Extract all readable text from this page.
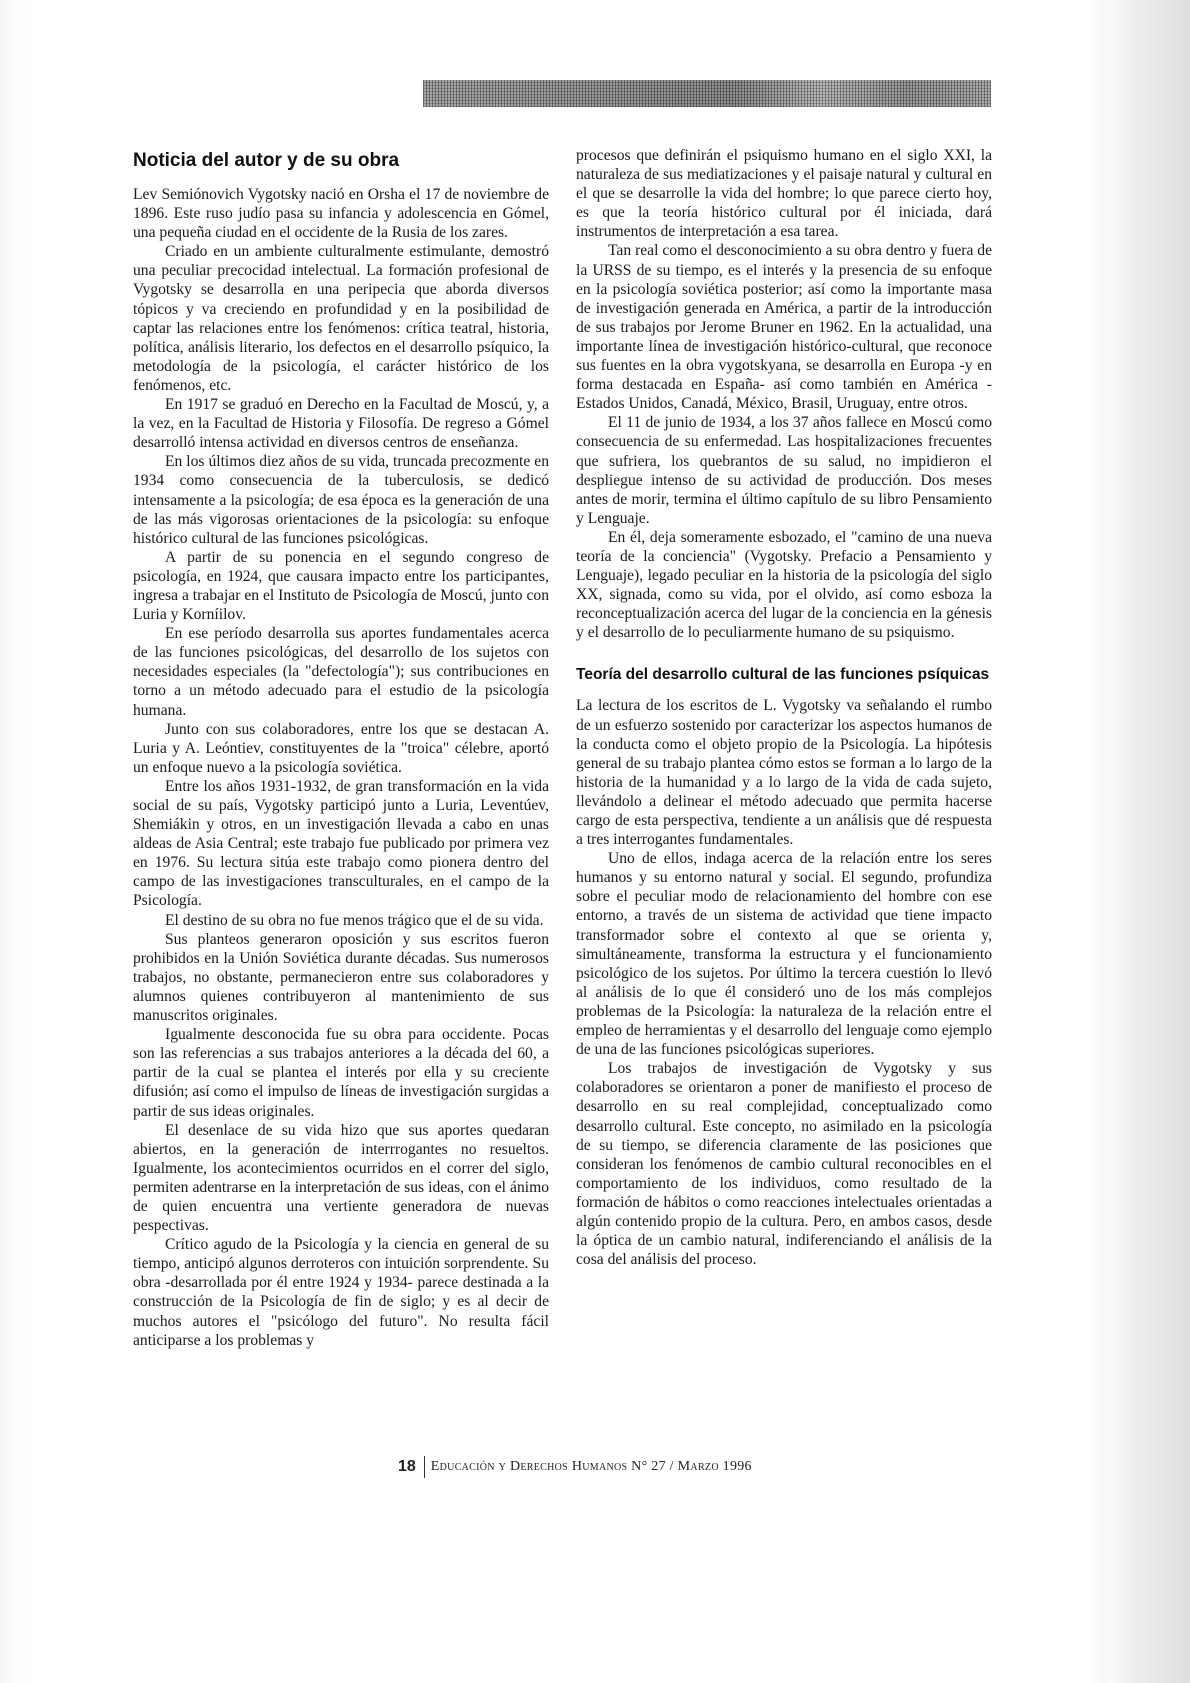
Noticia del autor y de su obra

Lev Semiónovich Vygotsky nació en Orsha el 17 de noviembre de 1896. Este ruso judío pasa su infancia y adolescencia en Gómel, una pequeña ciudad en el occidente de la Rusia de los zares.

Criado en un ambiente culturalmente estimulante, demostró una peculiar precocidad intelectual. La formación profesional de Vygotsky se desarrolla en una peripecia que aborda diversos tópicos y va creciendo en profundidad y en la posibilidad de captar las relaciones entre los fenómenos: crítica teatral, historia, política, análisis literario, los defectos en el desarrollo psíquico, la metodología de la psicología, el carácter histórico de los fenómenos, etc.

En 1917 se graduó en Derecho en la Facultad de Moscú, y, a la vez, en la Facultad de Historia y Filosofía. De regreso a Gómel desarrolló intensa actividad en diversos centros de enseñanza.

En los últimos diez años de su vida, truncada precozmente en 1934 como consecuencia de la tuberculosis, se dedicó intensamente a la psicología; de esa época es la generación de una de las más vigorosas orientaciones de la psicología: su enfoque histórico cultural de las funciones psicológicas.

A partir de su ponencia en el segundo congreso de psicología, en 1924, que causara impacto entre los participantes, ingresa a trabajar en el Instituto de Psicología de Moscú, junto con Luria y Korníilov.

En ese período desarrolla sus aportes fundamentales acerca de las funciones psicológicas, del desarrollo de los sujetos con necesidades especiales (la "defectología"); sus contribuciones en torno a un método adecuado para el estudio de la psicología humana.

Junto con sus colaboradores, entre los que se destacan A. Luria y A. Leóntiev, constituyentes de la "troica" célebre, aportó un enfoque nuevo a la psicología soviética.

Entre los años 1931-1932, de gran transformación en la vida social de su país, Vygotsky participó junto a Luria, Leventúev, Shemiákin y otros, en un investigación llevada a cabo en unas aldeas de Asia Central; este trabajo fue publicado por primera vez en 1976. Su lectura sitúa este trabajo como pionera dentro del campo de las investigaciones transculturales, en el campo de la Psicología.

El destino de su obra no fue menos trágico que el de su vida.

Sus planteos generaron oposición y sus escritos fueron prohibidos en la Unión Soviética durante décadas. Sus numerosos trabajos, no obstante, permanecieron entre sus colaboradores y alumnos quienes contribuyeron al mantenimiento de sus manuscritos originales.

Igualmente desconocida fue su obra para occidente. Pocas son las referencias a sus trabajos anteriores a la década del 60, a partir de la cual se plantea el interés por ella y su creciente difusión; así como el impulso de líneas de investigación surgidas a partir de sus ideas originales.

El desenlace de su vida hizo que sus aportes quedaran abiertos, en la generación de interrrogantes no resueltos. Igualmente, los acontecimientos ocurridos en el correr del siglo, permiten adentrarse en la interpretación de sus ideas, con el ánimo de quien encuentra una vertiente generadora de nuevas pespectivas.

Crítico agudo de la Psicología y la ciencia en general de su tiempo, anticipó algunos derroteros con intuición sorprendente. Su obra -desarrollada por él entre 1924 y 1934- parece destinada a la construcción de la Psicología de fin de siglo; y es al decir de muchos autores el "psicólogo del futuro". No resulta fácil anticiparse a los problemas y

procesos que definirán el psiquismo humano en el siglo XXI, la naturaleza de sus mediatizaciones y el paisaje natural y cultural en el que se desarrolle la vida del hombre; lo que parece cierto hoy, es que la teoría histórico cultural por él iniciada, dará instrumentos de interpretación a esa tarea.

Tan real como el desconocimiento a su obra dentro y fuera de la URSS de su tiempo, es el interés y la presencia de su enfoque en la psicología soviética posterior; así como la importante masa de investigación generada en América, a partir de la introducción de sus trabajos por Jerome Bruner en 1962. En la actualidad, una importante línea de investigación histórico-cultural, que reconoce sus fuentes en la obra vygotskyana, se desarrolla en Europa -y en forma destacada en España- así como también en América - Estados Unidos, Canadá, México, Brasil, Uruguay, entre otros.

El 11 de junio de 1934, a los 37 años fallece en Moscú como consecuencia de su enfermedad. Las hospitalizaciones frecuentes que sufriera, los quebrantos de su salud, no impidieron el despliegue intenso de su actividad de producción. Dos meses antes de morir, termina el último capítulo de su libro Pensamiento y Lenguaje.

En él, deja someramente esbozado, el "camino de una nueva teoría de la conciencia" (Vygotsky. Prefacio a Pensamiento y Lenguaje), legado peculiar en la historia de la psicología del siglo XX, signada, como su vida, por el olvido, así como esboza la reconceptualización acerca del lugar de la conciencia en la génesis y el desarrollo de lo peculiarmente humano de su psiquismo.

Teoría del desarrollo cultural de las funciones psíquicas

La lectura de los escritos de L. Vygotsky va señalando el rumbo de un esfuerzo sostenido por caracterizar los aspectos humanos de la conducta como el objeto propio de la Psicología. La hipótesis general de su trabajo plantea cómo estos se forman a lo largo de la historia de la humanidad y a lo largo de la vida de cada sujeto, llevándolo a delinear el método adecuado que permita hacerse cargo de esta perspectiva, tendiente a un análisis que dé respuesta a tres interrogantes fundamentales.

Uno de ellos, indaga acerca de la relación entre los seres humanos y su entorno natural y social. El segundo, profundiza sobre el peculiar modo de relacionamiento del hombre con ese entorno, a través de un sistema de actividad que tiene impacto transformador sobre el contexto al que se orienta y, simultáneamente, transforma la estructura y el funcionamiento psicológico de los sujetos. Por último la tercera cuestión lo llevó al análisis de lo que él consideró uno de los más complejos problemas de la Psicología: la naturaleza de la relación entre el empleo de herramientas y el desarrollo del lenguaje como ejemplo de una de las funciones psicológicas superiores.

Los trabajos de investigación de Vygotsky y sus colaboradores se orientaron a poner de manifiesto el proceso de desarrollo en su real complejidad, conceptualizado como desarrollo cultural. Este concepto, no asimilado en la psicología de su tiempo, se diferencia claramente de las posiciones que consideran los fenómenos de cambio cultural reconocibles en el comportamiento de los individuos, como resultado de la formación de hábitos o como reacciones intelectuales orientadas a algún contenido propio de la cultura. Pero, en ambos casos, desde la óptica de un cambio natural, indiferenciando el análisis de la cosa del análisis del proceso.

18 Educación y Derechos Humanos N° 27 / Marzo 1996
